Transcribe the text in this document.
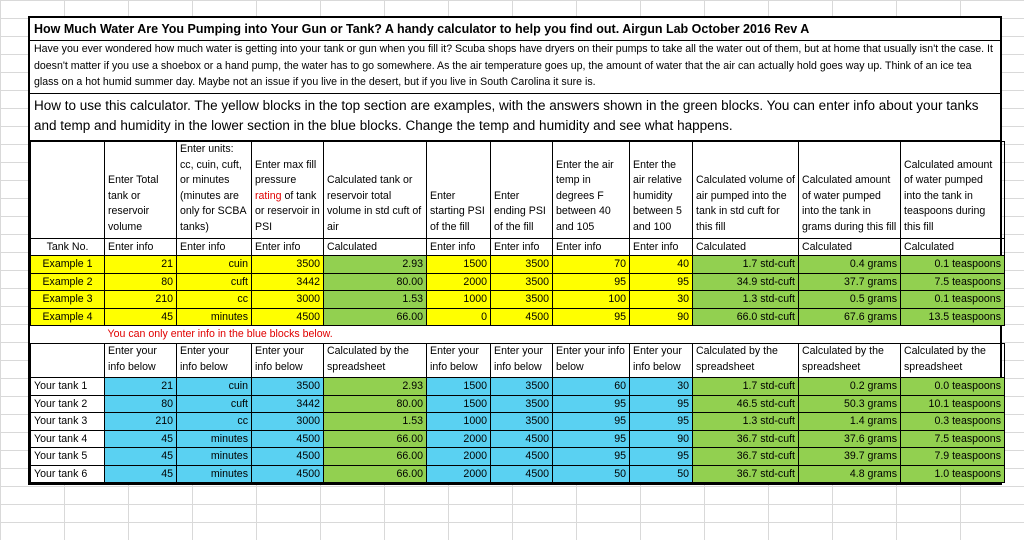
How Much Water Are You Pumping into Your Gun or Tank? A handy calculator to help you find out. Airgun Lab October 2016 Rev A
Have you ever wondered how much water is getting into your tank or gun when you fill it? Scuba shops have dryers on their pumps to take all the water out of them, but at home that usually isn't the case. It doesn't matter if you use a shoebox or a hand pump, the water has to go somewhere. As the air temperature goes up, the amount of water that the air can actually hold goes way up. Think of an ice tea glass on a hot humid summer day. Maybe not an issue if you live in the desert, but if you live in South Carolina it sure is.
How to use this calculator. The yellow blocks in the top section are examples, with the answers shown in the green blocks. You can enter info about your tanks and temp and humidity in the lower section in the blue blocks. Change the temp and humidity and see what happens.
	Enter Total tank or reservoir volume	Enter units: cc, cuin, cuft, or minutes (minutes are only for SCBA tanks)	Enter max fill pressure rating of tank or reservoir in PSI	Calculated tank or reservoir total volume in std cuft of air	Enter starting PSI of the fill	Enter ending PSI of the fill	Enter the air temp in degrees F between 40 and 105	Enter the air relative humidity between 5 and 100	Calculated volume of air pumped into the tank in std cuft for this fill	Calculated amount of water pumped into the tank in grams during this fill	Calculated amount of water pumped into the tank in teaspoons during this fill
Tank No.	Enter info	Enter info	Enter info	Calculated	Enter info	Enter info	Enter info	Enter info	Calculated	Calculated	Calculated
Example 1	21	cuin	3500	2.93	1500	3500	70	40	1.7 std-cuft	0.4 grams	0.1 teaspoons
Example 2	80	cuft	3442	80.00	2000	3500	95	95	34.9 std-cuft	37.7 grams	7.5 teaspoons
Example 3	210	cc	3000	1.53	1000	3500	100	30	1.3 std-cuft	0.5 grams	0.1 teaspoons
Example 4	45	minutes	4500	66.00	0	4500	95	90	66.0 std-cuft	67.6 grams	13.5 teaspoons
	You can only enter info in the blue blocks below.										
	Enter your info below	Enter your info below	Enter your info below	Calculated by the spreadsheet	Enter your info below	Enter your info below	Enter your info below	Enter your info below	Calculated by the spreadsheet	Calculated by the spreadsheet	Calculated by the spreadsheet
Your tank 1	21	cuin	3500	2.93	1500	3500	60	30	1.7 std-cuft	0.2 grams	0.0 teaspoons
Your tank 2	80	cuft	3442	80.00	1500	3500	95	95	46.5 std-cuft	50.3 grams	10.1 teaspoons
Your tank 3	210	cc	3000	1.53	1000	3500	95	95	1.3 std-cuft	1.4 grams	0.3 teaspoons
Your tank 4	45	minutes	4500	66.00	2000	4500	95	90	36.7 std-cuft	37.6 grams	7.5 teaspoons
Your tank 5	45	minutes	4500	66.00	2000	4500	95	95	36.7 std-cuft	39.7 grams	7.9 teaspoons
Your tank 6	45	minutes	4500	66.00	2000	4500	50	50	36.7 std-cuft	4.8 grams	1.0 teaspoons
